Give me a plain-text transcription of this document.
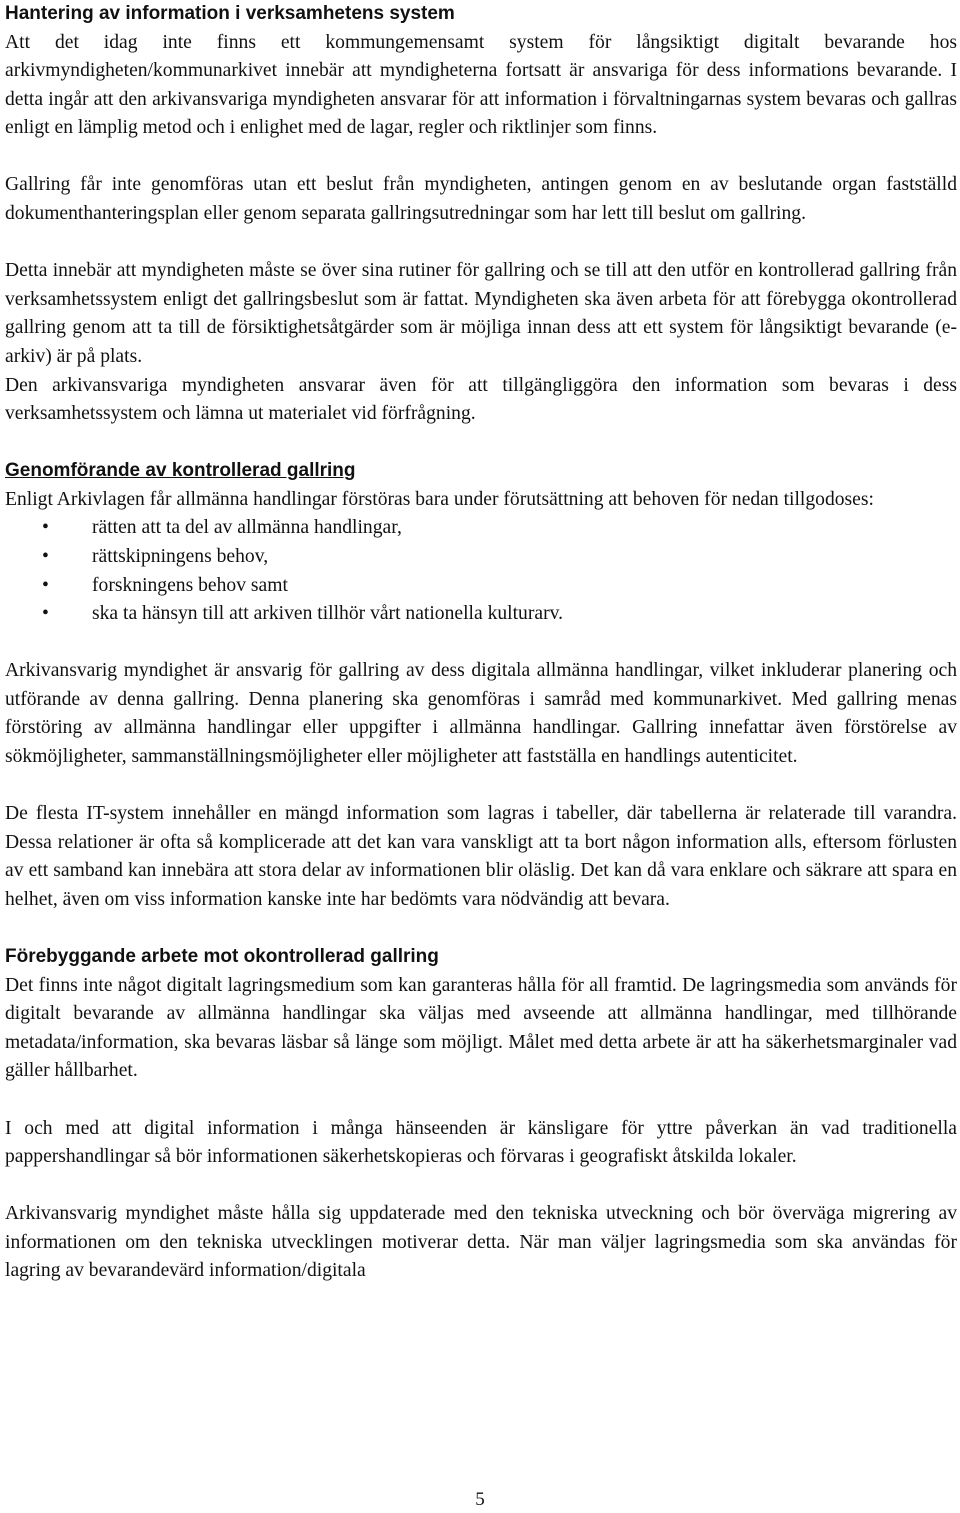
Hantering av information i verksamhetens system

Att det idag inte finns ett kommungemensamt system för långsiktigt digitalt bevarande hos arkivmyndigheten/kommunarkivet innebär att myndigheterna fortsatt är ansvariga för dess informations bevarande. I detta ingår att den arkivansvariga myndigheten ansvarar för att information i förvaltningarnas system bevaras och gallras enligt en lämplig metod och i enlighet med de lagar, regler och riktlinjer som finns.

Gallring får inte genomföras utan ett beslut från myndigheten, antingen genom en av beslutande organ fastställd dokumenthanteringsplan eller genom separata gallringsutredningar som har lett till beslut om gallring.

Detta innebär att myndigheten måste se över sina rutiner för gallring och se till att den utför en kontrollerad gallring från verksamhetssystem enligt det gallringsbeslut som är fattat. Myndigheten ska även arbeta för att förebygga okontrollerad gallring genom att ta till de försiktighetsåtgärder som är möjliga innan dess att ett system för långsiktigt bevarande (e-arkiv) är på plats.

Den arkivansvariga myndigheten ansvarar även för att tillgängliggöra den information som bevaras i dess verksamhetssystem och lämna ut materialet vid förfrågning.

Genomförande av kontrollerad gallring

Enligt Arkivlagen får allmänna handlingar förstöras bara under förutsättning att behoven för nedan tillgodoses:

• rätten att ta del av allmänna handlingar,
• rättskipningens behov,
• forskningens behov samt
• ska ta hänsyn till att arkiven tillhör vårt nationella kulturarv.

Arkivansvarig myndighet är ansvarig för gallring av dess digitala allmänna handlingar, vilket inkluderar planering och utförande av denna gallring. Denna planering ska genomföras i samråd med kommunarkivet. Med gallring menas förstöring av allmänna handlingar eller uppgifter i allmänna handlingar. Gallring innefattar även förstörelse av sökmöjligheter, sammanställningsmöjligheter eller möjligheter att fastställa en handlings autenticitet.

De flesta IT-system innehåller en mängd information som lagras i tabeller, där tabellerna är relaterade till varandra. Dessa relationer är ofta så komplicerade att det kan vara vanskligt att ta bort någon information alls, eftersom förlusten av ett samband kan innebära att stora delar av informationen blir oläslig. Det kan då vara enklare och säkrare att spara en helhet, även om viss information kanske inte har bedömts vara nödvändig att bevara.

Förebyggande arbete mot okontrollerad gallring

Det finns inte något digitalt lagringsmedium som kan garanteras hålla för all framtid. De lagringsmedia som används för digitalt bevarande av allmänna handlingar ska väljas med avseende att allmänna handlingar, med tillhörande metadata/information, ska bevaras läsbar så länge som möjligt. Målet med detta arbete är att ha säkerhetsmarginaler vad gäller hållbarhet.

I och med att digital information i många hänseenden är känsligare för yttre påverkan än vad traditionella pappershandlingar så bör informationen säkerhetskopieras och förvaras i geografiskt åtskilda lokaler.

Arkivansvarig myndighet måste hålla sig uppdaterade med den tekniska utveckning och bör överväga migrering av informationen om den tekniska utvecklingen motiverar detta. När man väljer lagringsmedia som ska användas för lagring av bevarandevärd information/digitala

5
